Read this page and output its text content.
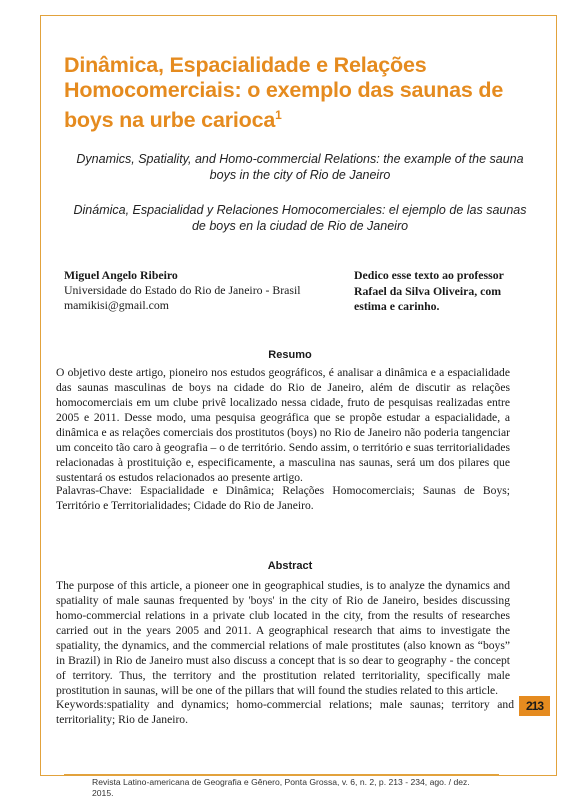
Dinâmica, Espacialidade e Relações Homocomerciais: o exemplo das saunas de boys na urbe carioca$^1$

Dynamics, Spatiality, and Homo-commercial Relations: the example of the sauna boys in the city of Rio de Janeiro

Dinámica, Espacialidad y Relaciones Homocomerciales: el ejemplo de las saunas de boys en la ciudad de Rio de Janeiro

Miguel Angelo Ribeiro
Universidade do Estado do Rio de Janeiro - Brasil
mamikisi@gmail.com
Dedico esse texto ao professor Rafael da Silva Oliveira, com estima e carinho.
Resumo

O objetivo deste artigo, pioneiro nos estudos geográficos, é analisar a dinâmica e a espacialidade das saunas masculinas de boys na cidade do Rio de Janeiro, além de discutir as relações homocomerciais em um clube privê localizado nessa cidade, fruto de pesquisas realizadas entre 2005 e 2011. Desse modo, uma pesquisa geográfica que se propõe estudar a espacialidade, a dinâmica e as relações comerciais dos prostitutos (boys) no Rio de Janeiro não poderia tangenciar um conceito tão caro à geografia – o de território. Sendo assim, o território e suas territorialidades relacionadas à prostituição e, especificamente, a masculina nas saunas, será um dos pilares que sustentará os estudos relacionados ao presente artigo.

Palavras-Chave: Espacialidade e Dinâmica; Relações Homocomerciais; Saunas de Boys; Território e Territorialidades; Cidade do Rio de Janeiro.

Abstract

The purpose of this article, a pioneer one in geographical studies, is to analyze the dynamics and spatiality of male saunas frequented by 'boys' in the city of Rio de Janeiro, besides discussing homo-commercial relations in a private club located in the city, from the results of researches carried out in the years 2005 and 2011. A geographical research that aims to investigate the spatiality, the dynamics, and the commercial relations of male prostitutes (also known as “boys” in Brazil) in Rio de Janeiro must also discuss a concept that is so dear to geography - the concept of territory. Thus, the territory and the prostitution related territoriality, specifically male prostitution in saunas, will be one of the pillars that will found the studies related to this article.

Keywords:spatiality and dynamics; homo-commercial relations; male saunas; territory and territoriality; Rio de Janeiro.

213
Revista Latino-americana de Geografia e Gênero, Ponta Grossa, v. 6, n. 2, p. 213 - 234, ago. / dez. 2015.
